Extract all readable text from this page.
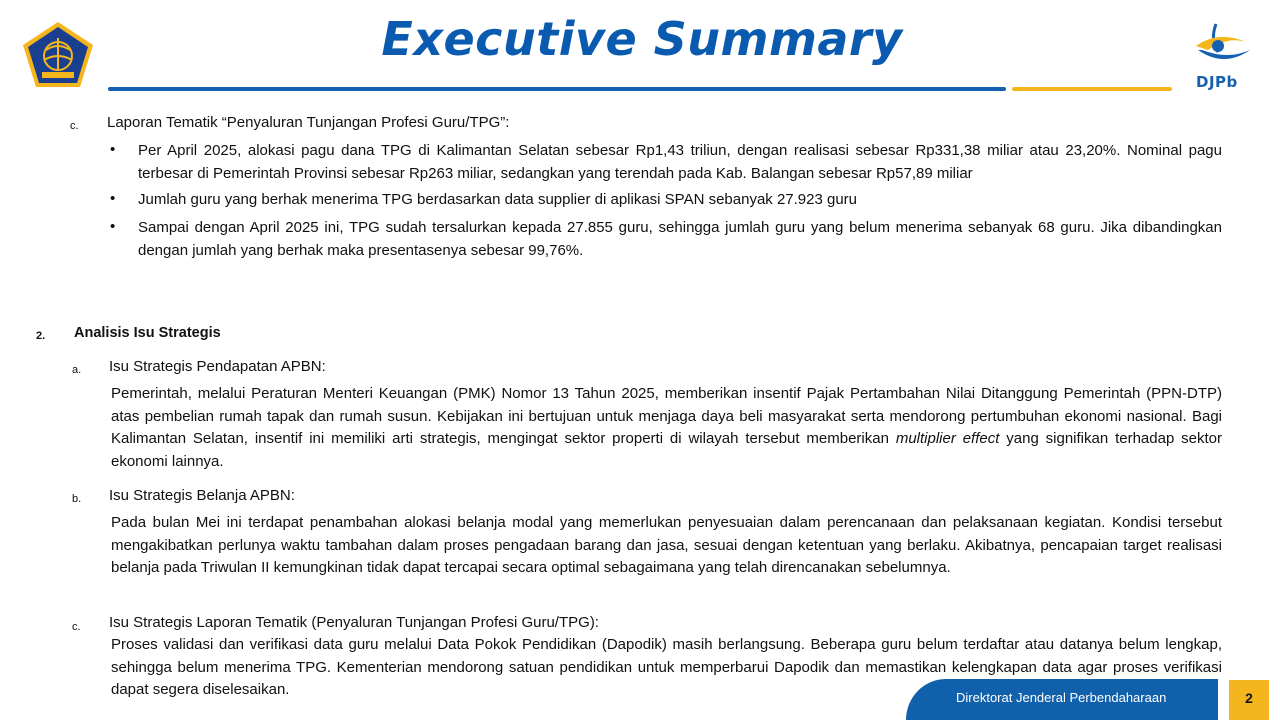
Executive Summary
DJPb
c. Laporan Tematik “Penyaluran Tunjangan Profesi Guru/TPG”:
• Per April 2025, alokasi pagu dana TPG di Kalimantan Selatan sebesar Rp1,43 triliun, dengan realisasi sebesar Rp331,38 miliar atau 23,20%. Nominal pagu terbesar di Pemerintah Provinsi sebesar Rp263 miliar, sedangkan yang terendah pada Kab. Balangan sebesar Rp57,89 miliar
• Jumlah guru yang berhak menerima TPG berdasarkan data supplier di aplikasi SPAN sebanyak 27.923 guru
• Sampai dengan April 2025 ini, TPG sudah tersalurkan kepada 27.855 guru, sehingga jumlah guru yang belum menerima sebanyak 68 guru. Jika dibandingkan dengan jumlah yang berhak maka presentasenya sebesar 99,76%.
2. Analisis Isu Strategis
a. Isu Strategis Pendapatan APBN:
Pemerintah, melalui Peraturan Menteri Keuangan (PMK) Nomor 13 Tahun 2025, memberikan insentif Pajak Pertambahan Nilai Ditanggung Pemerintah (PPN-DTP) atas pembelian rumah tapak dan rumah susun. Kebijakan ini bertujuan untuk menjaga daya beli masyarakat serta mendorong pertumbuhan ekonomi nasional. Bagi Kalimantan Selatan, insentif ini memiliki arti strategis, mengingat sektor properti di wilayah tersebut memberikan multiplier effect yang signifikan terhadap sektor ekonomi lainnya.
b. Isu Strategis Belanja APBN:
Pada bulan Mei ini terdapat penambahan alokasi belanja modal yang memerlukan penyesuaian dalam perencanaan dan pelaksanaan kegiatan. Kondisi tersebut mengakibatkan perlunya waktu tambahan dalam proses pengadaan barang dan jasa, sesuai dengan ketentuan yang berlaku. Akibatnya, pencapaian target realisasi belanja pada Triwulan II kemungkinan tidak dapat tercapai secara optimal sebagaimana yang telah direncanakan sebelumnya.
c. Isu Strategis Laporan Tematik (Penyaluran Tunjangan Profesi Guru/TPG):
Proses validasi dan verifikasi data guru melalui Data Pokok Pendidikan (Dapodik) masih berlangsung. Beberapa guru belum terdaftar atau datanya belum lengkap, sehingga belum menerima TPG. Kementerian mendorong satuan pendidikan untuk memperbarui Dapodik dan memastikan kelengkapan data agar proses verifikasi dapat segera diselesaikan.	Direktorat Jenderal Perbendaharaan	2
